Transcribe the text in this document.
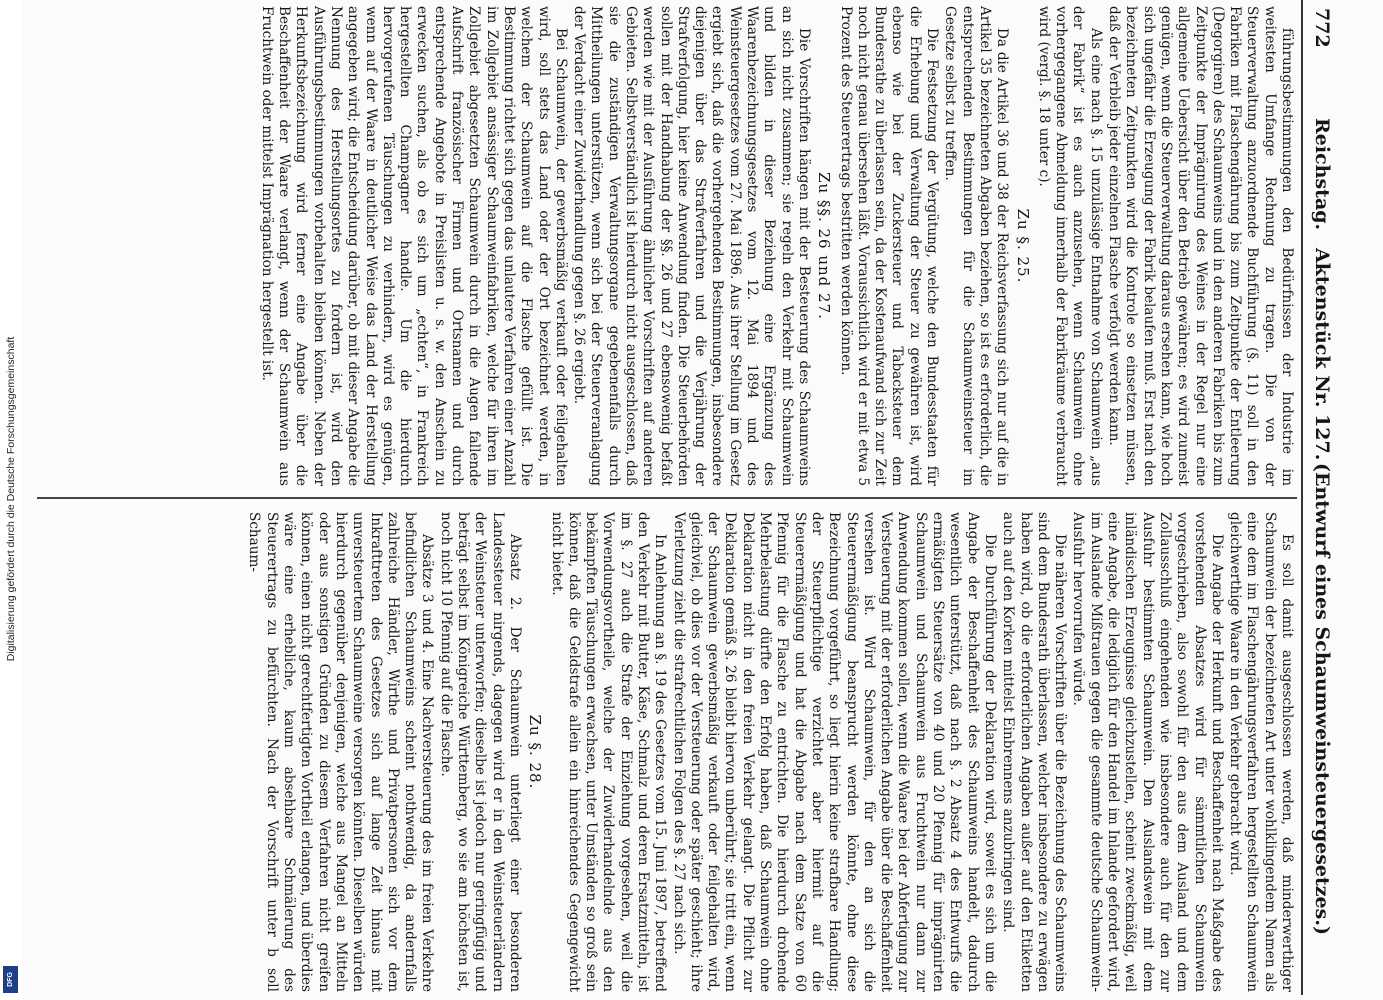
Digitalisierung gefördert durch die Deutsche Forschungsgemeinschaft
DFG
772
Reichstag.
Aktenstück Nr. 127.
(Entwurf eines Schaumweinsteuergesetzes.)

führungsbestimmungen den Bedürfnissen der Industrie im weitesten Umfange Rechnung zu tragen. Die von der Steuerverwaltung anzuordnende Buchführung (§. 11) soll in den Fabriken mit Flaschengährung bis zum Zeitpunkte der Entleerung (Degorgiren) des Schaumweins und in den anderen Fabriken bis zum Zeitpunkte der Imprägnirung des Weines in der Regel nur eine allgemeine Uebersicht über den Betrieb gewähren; es wird zumeist genügen, wenn die Steuerverwaltung daraus ersehen kann, wie hoch sich ungefähr die Erzeugung der Fabrik belaufen muß. Erst nach den bezeichneten Zeitpunkten wird die Kontrole so einsetzen müssen, daß der Verbleib jeder einzelnen Flasche verfolgt werden kann.

Als eine nach §. 15 unzulässige Entnahme von Schaumwein „aus der Fabrik“ ist es auch anzusehen, wenn Schaumwein ohne vorhergegangene Abmeldung innerhalb der Fabrikräume verbraucht wird (vergl. §. 18 unter c).

Zu §. 25.

Da die Artikel 36 und 38 der Reichsverfassung sich nur auf die in Artikel 35 bezeichneten Abgaben beziehen, so ist es erforderlich, die entsprechenden Bestimmungen für die Schaumweinsteuer im Gesetze selbst zu treffen.

Die Festsetzung der Vergütung, welche den Bundesstaaten für die Erhebung und Verwaltung der Steuer zu gewähren ist, wird ebenso wie bei der Zuckersteuer und Tabacksteuer dem Bundesrathe zu überlassen sein, da der Kostenaufwand sich zur Zeit noch nicht genau übersehen läßt. Voraussichtlich wird er mit etwa 5 Prozent des Steuerertrags bestritten werden können.

Zu §§. 26 und 27.

Die Vorschriften hängen mit der Besteuerung des Schaumweins an sich nicht zusammen; sie regeln den Verkehr mit Schaumwein und bilden in dieser Beziehung eine Ergänzung des Waarenbezeichnungsgesetzes vom 12. Mai 1894 und des Weinsteuergesetzes vom 27. Mai 1896. Aus ihrer Stellung im Gesetz ergiebt sich, daß die vorhergehenden Bestimmungen, insbesondere diejenigen über das Strafverfahren und die Verjährung der Strafverfolgung, hier keine Anwendung finden. Die Steuerbehörden sollen mit der Handhabung der §§. 26 und 27 ebensowenig befaßt werden wie mit der Ausführung ähnlicher Vorschriften auf anderen Gebieten. Selbstverständlich ist hierdurch nicht ausgeschlossen, daß sie die zuständigen Verwaltungsorgane gegebenenfalls durch Mittheilungen unterstützen, wenn sich bei der Steuerveranlagung der Verdacht einer Zuwiderhandlung gegen §. 26 ergiebt.

Bei Schaumwein, der gewerbsmäßig verkauft oder feilgehalten wird, soll stets das Land oder der Ort bezeichnet werden, in welchem der Schaumwein auf die Flasche gefüllt ist. Die Bestimmung richtet sich gegen das unlautere Verfahren einer Anzahl im Zollgebiet ansässiger Schaumweinfabriken, welche für ihren im Zollgebiet abgesetzten Schaumwein durch in die Augen fallende Aufschrift französischer Firmen und Ortsnamen und durch entsprechende Angebote in Preislisten u. s. w. den Anschein zu erwecken suchen, als ob es sich um „echten“, in Frankreich hergestellten Champagner handle. Um die hierdurch hervorgerufenen Täuschungen zu verhindern, wird es genügen, wenn auf der Waare in deutlicher Weise das Land der Herstellung angegeben wird; die Entscheidung darüber, ob mit dieser Angabe die Nennung des Herstellungsortes zu fordern ist, wird den Ausführungsbestimmungen vorbehalten bleiben können. Neben der Herkunftsbezeichnung wird ferner eine Angabe über die Beschaffenheit der Waare verlangt, wenn der Schaumwein aus Fruchtwein oder mittelst Imprägnation hergestellt ist.

Es soll damit ausgeschlossen werden, daß minderwerthiger Schaumwein der bezeichneten Art unter wohlklingendem Namen als eine dem im Flaschengährungsverfahren hergestellten Schaumwein gleichwerthige Waare in den Verkehr gebracht wird.

Die Angabe der Herkunft und Beschaffenheit nach Maßgabe des vorstehenden Absatzes wird für sämmtlichen Schaumwein vorgeschrieben, also sowohl für den aus dem Ausland und dem Zollausschluß eingehenden wie insbesondere auch für den zur Ausfuhr bestimmten Schaumwein. Den Auslandswein mit dem inländischen Erzeugnisse gleichzustellen, scheint zweckmäßig, weil eine Angabe, die lediglich für den Handel im Inlande gefordert wird, im Auslande Mißtrauen gegen die gesammte deutsche Schaumwein-Ausfuhr hervorrufen würde.

Die näheren Vorschriften über die Bezeichnung des Schaumweins sind dem Bundesrath überlassen, welcher insbesondere zu erwägen haben wird, ob die erforderlichen Angaben außer auf den Etiketten auch auf den Korken mittelst Einbrennens anzubringen sind.

Die Durchführung der Deklaration wird, soweit es sich um die Angabe der Beschaffenheit des Schaumweins handelt, dadurch wesentlich unterstützt, daß nach §. 2 Absatz 4 des Entwurfs die ermäßigten Steuersätze von 40 und 20 Pfennig für imprägnirten Schaumwein und Schaumwein aus Fruchtwein nur dann zur Anwendung kommen sollen, wenn die Waare bei der Abfertigung zur Versteuerung mit der erforderlichen Angabe über die Beschaffenheit versehen ist. Wird Schaumwein, für den an sich die Steuerermäßigung beansprucht werden könnte, ohne diese Bezeichnung vorgeführt, so liegt hierin keine strafbare Handlung; der Steuerpflichtige verzichtet aber hiermit auf die Steuerermäßigung und hat die Abgabe nach dem Satze von 60 Pfennig für die Flasche zu entrichten. Die hierdurch drohende Mehrbelastung dürfte den Erfolg haben, daß Schaumwein ohne Deklaration nicht in den freien Verkehr gelangt. Die Pflicht zur Deklaration gemäß §. 26 bleibt hiervon unberührt; sie tritt ein, wenn der Schaumwein gewerbsmäßig verkauft oder feilgehalten wird, gleichviel, ob dies vor der Versteuerung oder später geschieht; ihre Verletzung zieht die strafrechtlichen Folgen des §. 27 nach sich.

In Anlehnung an §. 19 des Gesetzes vom 15. Juni 1897, betreffend den Verkehr mit Butter, Käse, Schmalz und deren Ersatzmitteln, ist im §. 27 auch die Strafe der Einziehung vorgesehen, weil die Vorwendungsvortheile, welche der Zuwiderhandelnde aus den bekämpften Täuschungen erwachsen, unter Umständen so groß sein können, daß die Geldstrafe allein ein hinreichendes Gegengewicht nicht bietet.

Zu §. 28.

Absatz 2. Der Schaumwein unterliegt einer besonderen Landessteuer nirgends, dagegen wird er in den Weinsteuerländern der Weinsteuer unterworfen; dieselbe ist jedoch nur geringfügig und beträgt selbst im Königreiche Württemberg, wo sie am höchsten ist, noch nicht 10 Pfennig auf die Flasche.

Absätze 3 und 4. Eine Nachversteuerung des im freien Verkehre befindlichen Schaumweins scheint nothwendig, da andernfalls zahlreiche Händler, Wirthe und Privatpersonen sich vor dem Inkrafttreten des Gesetzes sich auf lange Zeit hinaus mit unversteuertem Schaumweine versorgen könnten. Dieselben würden hierdurch gegenüber denjenigen, welche aus Mangel an Mitteln oder aus sonstigen Gründen zu diesem Verfahren nicht greifen können, einen nicht gerechtfertigten Vortheil erlangen, und überdies wäre eine erhebliche, kaum absehbare Schmälerung des Steuerertrags zu befürchten. Nach der Vorschrift unter b soll Schaum-
